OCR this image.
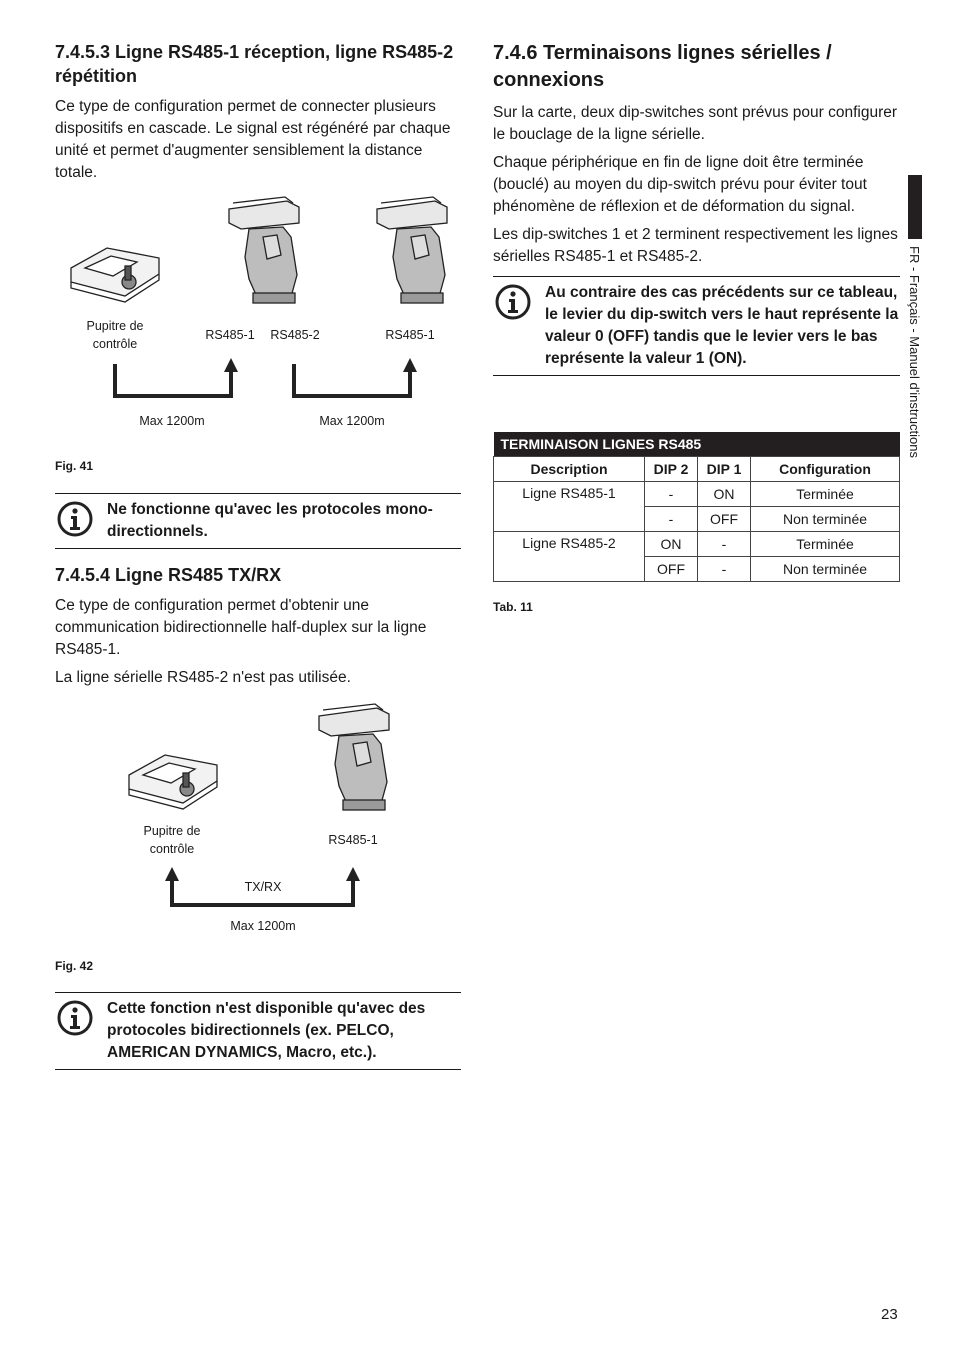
7.4.5.3 Ligne RS485-1 réception, ligne RS485-2 répétition

Ce type de configuration permet de connecter plusieurs dispositifs en cascade. Le signal est régénéré par chaque unité et permet d'augmenter sensiblement la distance totale.

Pupitre de contrôle
RS485-1	RS485-2	RS485-1
Max 1200m	Max 1200m

Fig. 41

Ne fonctionne qu'avec les protocoles mono-directionnels.
7.4.5.4 Ligne RS485 TX/RX

Ce type de configuration permet d'obtenir une communication bidirectionnelle half-duplex sur la ligne RS485-1.

La ligne sérielle RS485-2 n'est pas utilisée.

Pupitre de contrôle
RS485-1
TX/RX
Max 1200m

Fig. 42

Cette fonction n'est disponible qu'avec des protocoles bidirectionnels (ex. PELCO, AMERICAN DYNAMICS, Macro, etc.).
7.4.6 Terminaisons lignes sérielles / connexions

Sur la carte, deux dip-switches sont prévus pour configurer le bouclage de la ligne sérielle.

Chaque périphérique en fin de ligne doit être terminée (bouclé) au moyen du dip-switch prévu pour éviter tout phénomène de réflexion et de déformation du signal.

Les dip-switches 1 et 2 terminent respectivement les lignes sérielles RS485-1 et RS485-2.

Au contraire des cas précédents sur ce tableau, le levier du dip-switch vers le haut représente la valeur 0 (OFF) tandis que le levier vers le bas représente la valeur 1 (ON).
TERMINAISON LIGNES RS485			
Description	DIP 2	DIP 1	Configuration
Ligne RS485-1	-	ON	Terminée
	-	OFF	Non terminée
Ligne RS485-2	ON	-	Terminée
	OFF	-	Non terminée

Tab. 11

FR - Français - Manuel d'instructions
23
